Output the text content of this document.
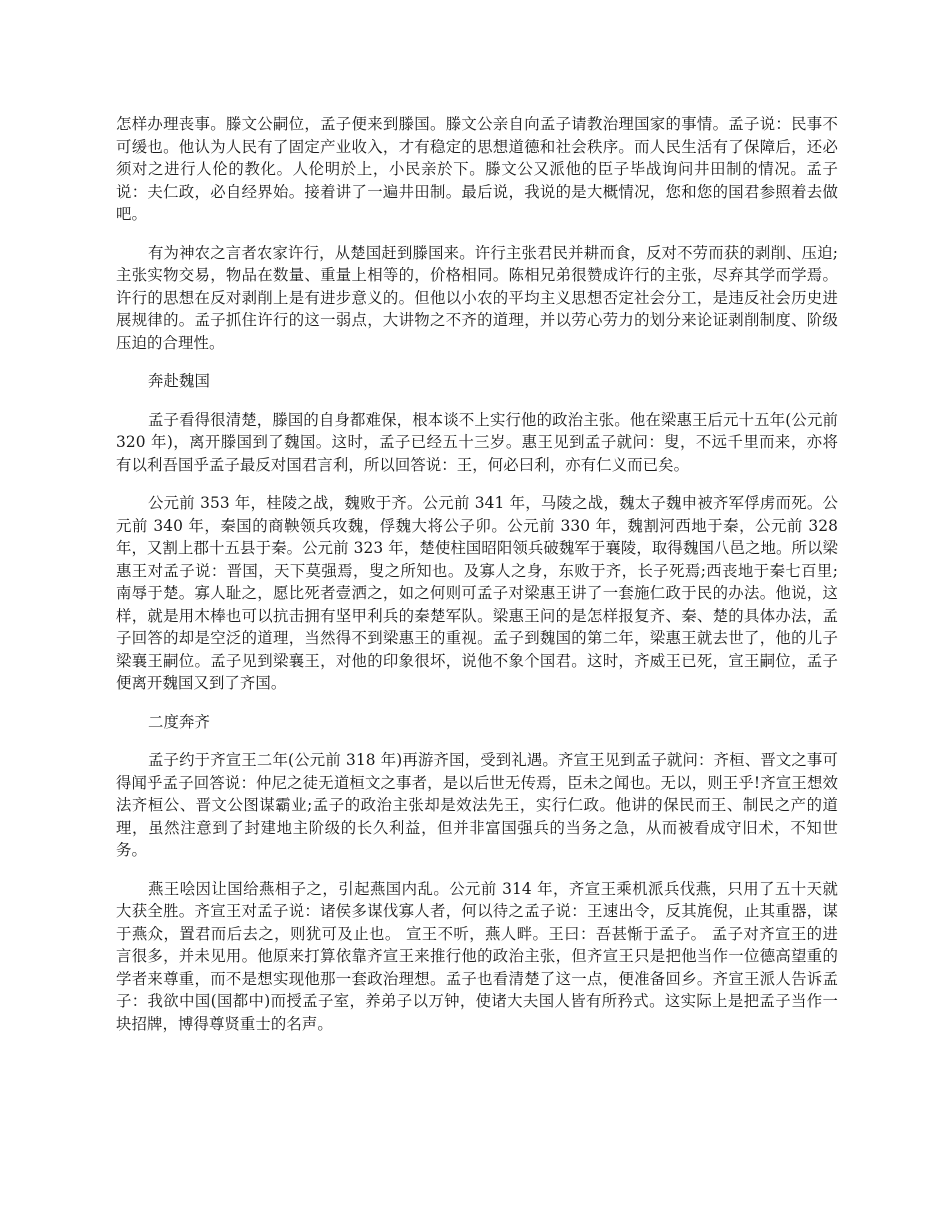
怎样办理丧事。滕文公嗣位，孟子便来到滕国。滕文公亲自向孟子请教治理国家的事情。孟子说：民事不可缓也。他认为人民有了固定产业收入，才有稳定的思想道德和社会秩序。而人民生活有了保障后，还必须对之进行人伦的教化。人伦明於上，小民亲於下。滕文公又派他的臣子毕战询问井田制的情况。孟子说：夫仁政，必自经界始。接着讲了一遍井田制。最后说，我说的是大概情况，您和您的国君参照着去做吧。

有为神农之言者农家许行，从楚国赶到滕国来。许行主张君民并耕而食，反对不劳而获的剥削、压迫;主张实物交易，物品在数量、重量上相等的，价格相同。陈相兄弟很赞成许行的主张，尽弃其学而学焉。许行的思想在反对剥削上是有进步意义的。但他以小农的平均主义思想否定社会分工，是违反社会历史进展规律的。孟子抓住许行的这一弱点，大讲物之不齐的道理，并以劳心劳力的划分来论证剥削制度、阶级压迫的合理性。

奔赴魏国

孟子看得很清楚，滕国的自身都难保，根本谈不上实行他的政治主张。他在梁惠王后元十五年(公元前 320 年)，离开滕国到了魏国。这时，孟子已经五十三岁。惠王见到孟子就问：叟，不远千里而来，亦将有以利吾国乎孟子最反对国君言利，所以回答说：王，何必曰利，亦有仁义而已矣。

公元前 353 年，桂陵之战，魏败于齐。公元前 341 年，马陵之战，魏太子魏申被齐军俘虏而死。公元前 340 年，秦国的商鞅领兵攻魏，俘魏大将公子卯。公元前 330 年，魏割河西地于秦，公元前 328 年，又割上郡十五县于秦。公元前 323 年，楚使柱国昭阳领兵破魏军于襄陵，取得魏国八邑之地。所以梁惠王对孟子说：晋国，天下莫强焉，叟之所知也。及寡人之身，东败于齐，长子死焉;西丧地于秦七百里;南辱于楚。寡人耻之，愿比死者壹洒之，如之何则可孟子对梁惠王讲了一套施仁政于民的办法。他说，这样，就是用木棒也可以抗击拥有坚甲利兵的秦楚军队。梁惠王问的是怎样报复齐、秦、楚的具体办法，孟子回答的却是空泛的道理，当然得不到梁惠王的重视。孟子到魏国的第二年，梁惠王就去世了，他的儿子梁襄王嗣位。孟子见到梁襄王，对他的印象很坏，说他不象个国君。这时，齐威王已死，宣王嗣位，孟子便离开魏国又到了齐国。

二度奔齐

孟子约于齐宣王二年(公元前 318 年)再游齐国，受到礼遇。齐宣王见到孟子就问：齐桓、晋文之事可得闻乎孟子回答说：仲尼之徒无道桓文之事者，是以后世无传焉，臣未之闻也。无以，则王乎!齐宣王想效法齐桓公、晋文公图谋霸业;孟子的政治主张却是效法先王，实行仁政。他讲的保民而王、制民之产的道理，虽然注意到了封建地主阶级的长久利益，但并非富国强兵的当务之急，从而被看成守旧术，不知世务。

燕王哙因让国给燕相子之，引起燕国内乱。公元前 314 年，齐宣王乘机派兵伐燕，只用了五十天就大获全胜。齐宣王对孟子说：诸侯多谋伐寡人者，何以待之孟子说：王速出令，反其旄倪，止其重器，谋于燕众，置君而后去之，则犹可及止也。 宣王不听，燕人畔。王曰：吾甚惭于孟子。 孟子对齐宣王的进言很多，并未见用。他原来打算依靠齐宣王来推行他的政治主张，但齐宣王只是把他当作一位德高望重的学者来尊重，而不是想实现他那一套政治理想。孟子也看清楚了这一点，便准备回乡。齐宣王派人告诉孟子：我欲中国(国都中)而授孟子室，养弟子以万钟，使诸大夫国人皆有所矜式。这实际上是把孟子当作一块招牌，博得尊贤重士的名声。
